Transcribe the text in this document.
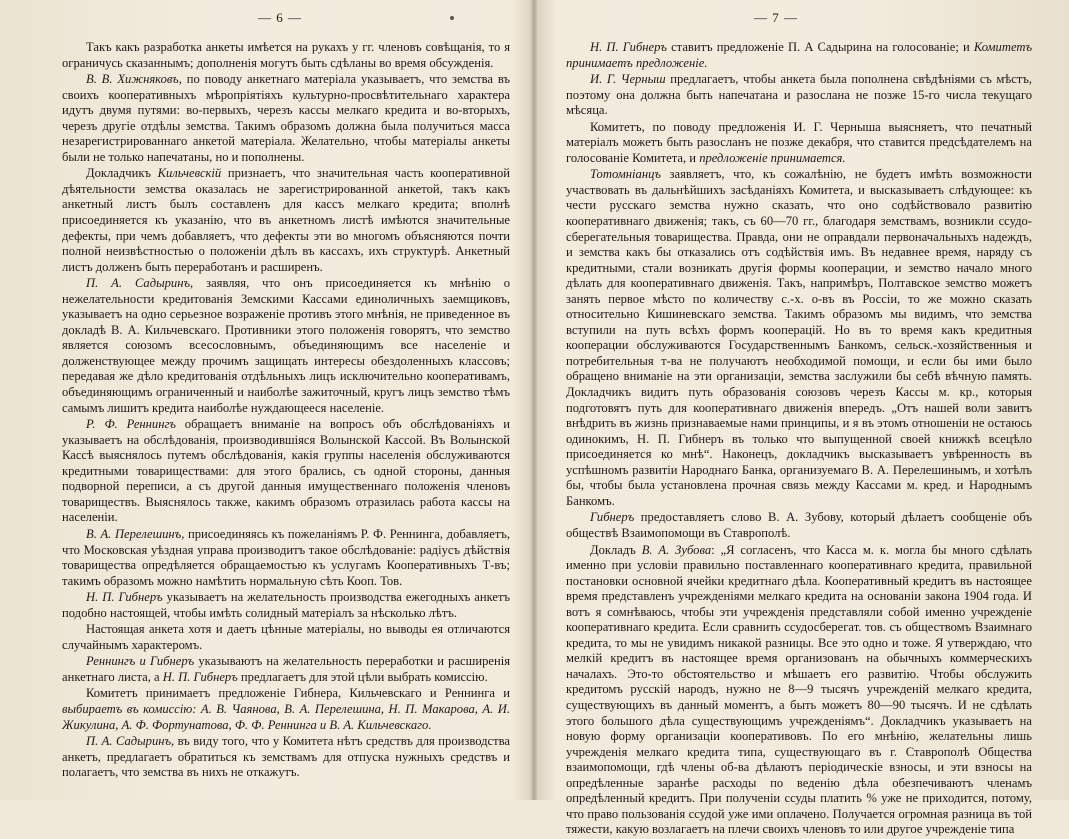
— 6 —

Такъ какъ разработка анкеты имѣется на рукахъ у гг. членовъ совѣщанія, то я ограничусь сказаннымъ; дополненія могутъ быть сдѣланы во время обсужденія.

В. В. Хижняковъ, по поводу анкетнаго матеріала указываетъ, что земства въ своихъ кооперативныхъ мѣропріятіяхъ культурно-просвѣтительнаго характера идутъ двумя путями: во-первыхъ, черезъ кассы мелкаго кредита и во-вторыхъ, черезъ другіе отдѣлы земства. Такимъ образомъ должна была получиться масса незарегистрированнаго анкетой матеріала. Желательно, чтобы матеріалы анкеты были не только напечатаны, но и пополнены.

Докладчикъ Кильчевскій признаетъ, что значительная часть кооперативной дѣятельности земства оказалась не зарегистрированной анкетой, такъ какъ анкетный листъ былъ составленъ для кассъ мелкаго кредита; вполнѣ присоединяется къ указанію, что въ анкетномъ листѣ имѣются значительные дефекты, при чемъ добавляетъ, что дефекты эти во многомъ объясняются почти полной неизвѣстностью о положеніи дѣлъ въ кассахъ, ихъ структурѣ. Анкетный листъ долженъ быть переработанъ и расширенъ.

П. А. Садыринъ, заявляя, что онъ присоединяется къ мнѣнію о нежелательности кредитованія Земскими Кассами единоличныхъ заемщиковъ, указываетъ на одно серьезное возраженіе противъ этого мнѣнія, не приведенное въ докладѣ В. А. Кильчевскаго. Противники этого положенія говорятъ, что земство является союзомъ всесословнымъ, объединяющимъ все населеніе и долженствующее между прочимъ защищать интересы обездоленныхъ классовъ; передавая же дѣло кредитованія отдѣльныхъ лицъ исключительно кооперативамъ, объединяющимъ ограниченный и наиболѣе зажиточный, кругъ лицъ земство тѣмъ самымъ лишитъ кредита наиболѣе нуждающееся населеніе.

Р. Ф. Реннингъ обращаетъ вниманіе на вопросъ объ обслѣдованіяхъ и указываетъ на обслѣдованія, производившіяся Волынской Кассой. Въ Волынской Кассѣ выяснялось путемъ обслѣдованія, какія группы населенія обслуживаются кредитными товариществами: для этого брались, съ одной стороны, данныя подворной переписи, а съ другой данныя имущественнаго положенія членовъ товариществъ. Выяснялось также, какимъ образомъ отразилась работа кассы на населеніи.

В. А. Перелешинъ, присоединяясь къ пожеланіямъ Р. Ф. Реннинга, добавляетъ, что Московская уѣздная управа производитъ такое обслѣдованіе: радіусъ дѣйствія товарищества опредѣляется обращаемостью къ услугамъ Кооперативныхъ Т-въ; такимъ образомъ можно намѣтить нормальную сѣть Кооп. Тов.

Н. П. Гибнеръ указываетъ на желательность производства ежегодныхъ анкетъ подобно настоящей, чтобы имѣть солидный матеріалъ за нѣсколько лѣтъ.

Настоящая анкета хотя и даетъ цѣнные матеріалы, но выводы ея отличаются случайнымъ характеромъ.

Реннингъ и Гибнеръ указываютъ на желательность переработки и расширенія анкетнаго листа, а Н. П. Гибнеръ предлагаетъ для этой цѣли выбрать комиссію.

Комитетъ принимаетъ предложеніе Гибнера, Кильчевскаго и Реннинга и выбираетъ въ комиссію: А. В. Чаянова, В. А. Перелешина, Н. П. Макарова, А. И. Жикулина, А. Ф. Фортунатова, Ф. Ф. Реннинга и В. А. Кильчевскаго.

П. А. Садыринъ, въ виду того, что у Комитета нѣтъ средствъ для производства анкетъ, предлагаетъ обратиться къ земствамъ для отпуска нужныхъ средствъ и полагаетъ, что земства въ нихъ не откажутъ.

— 7 —

Н. П. Гибнеръ ставитъ предложеніе П. А Садырина на голосованіе; и Комитетъ принимаетъ предложеніе.

И. Г. Черныш предлагаетъ, чтобы анкета была пополнена свѣдѣніями съ мѣстъ, поэтому она должна быть напечатана и разослана не позже 15-го числа текущаго мѣсяца.

Комитетъ, по поводу предложенія И. Г. Черныша выясняетъ, что печатный матеріалъ можетъ быть разосланъ не позже декабря, что ставится предсѣдателемъ на голосованіе Комитета, и предложеніе принимается.

Тотомніанцъ заявляетъ, что, къ сожалѣнію, не будетъ имѣть возможности участвовать въ дальнѣйшихъ засѣданіяхъ Комитета, и высказываетъ слѣдующее: къ чести русскаго земства нужно сказать, что оно содѣйствовало развитію кооперативнаго движенія; такъ, съ 60—70 гг., благодаря земствамъ, возникли ссудо-сберегательныя товарищества. Правда, они не оправдали первоначальныхъ надеждъ, и земства какъ бы отказались отъ содѣйствія имъ. Въ недавнее время, наряду съ кредитными, стали возникать другія формы кооперации, и земство начало много дѣлать для кооперативнаго движенія. Такъ, напримѣръ, Полтавское земство можетъ занять первое мѣсто по количеству с.-х. о-въ въ Россіи, то же можно сказать относительно Кишиневскаго земства. Такимъ образомъ мы видимъ, что земства вступили на путь всѣхъ формъ кооперацій. Но въ то время какъ кредитныя кооперации обслуживаются Государственнымъ Банкомъ, сельск.-хозяйственныя и потребительныя т-ва не получаютъ необходимой помощи, и если бы ими было обращено вниманіе на эти организаціи, земства заслужили бы себѣ вѣчную память. Докладчикъ видитъ путь образованія союзовъ черезъ Кассы м. кр., которыя подготовятъ путь для кооперативнаго движенія впередъ. „Отъ нашей воли завитъ внѣдрить въ жизнь признаваемые нами принципы, и я въ этомъ отношеніи не остаюсь одинокимъ, Н. П. Гибнеръ въ только что выпущенной своей книжкѣ всецѣло присоединяется ко мнѣ“. Наконецъ, докладчикъ высказываетъ увѣренность въ успѣшномъ развитіи Народнаго Банка, организуемаго В. А. Перелешинымъ, и хотѣлъ бы, чтобы была установлена прочная связь между Кассами м. кред. и Народнымъ Банкомъ.

Гибнеръ предоставляетъ слово В. А. Зубову, который дѣлаетъ сообщеніе объ обществѣ Взаимопомощи въ Ставрополѣ.

Докладъ В. А. Зубова: „Я согласенъ, что Касса м. к. могла бы много сдѣлать именно при условіи правильно поставленнаго кооперативнаго кредита, правильной постановки основной ячейки кредитнаго дѣла. Кооперативный кредитъ въ настоящее время представленъ учрежденіями мелкаго кредита на основаніи закона 1904 года. И вотъ я сомнѣваюсь, чтобы эти учрежденія представляли собой именно учрежденіе кооперативнаго кредита. Если сравнить ссудосберегат. тов. съ обществомъ Взаимнаго кредита, то мы не увидимъ никакой разницы. Все это одно и тоже. Я утверждаю, что мелкій кредитъ въ настоящее время организованъ на обычныхъ коммерческихъ началахъ. Это-то обстоятельство и мѣшаетъ его развитію. Чтобы обслужить кредитомъ русскій народъ, нужно не 8—9 тысячъ учрежденій мелкаго кредита, существующихъ въ данный моментъ, а быть можетъ 80—90 тысячъ. И не сдѣлать этого большого дѣла существующимъ учрежденіямъ“. Докладчикъ указываетъ на новую форму организаціи кооперативовъ. По его мнѣнію, желательны лишь учрежденія мелкаго кредита типа, существующаго въ г. Ставрополѣ Общества взаимопомощи, гдѣ члены об-ва дѣлаютъ періодическіе взносы, и эти взносы на опредѣленные заранѣе расходы по веденію дѣла обезпечиваютъ членамъ опредѣленный кредитъ. При полученіи ссуды платить % уже не приходится, потому, что право пользованія ссудой уже ими оплачено. Получается огромная разница въ той тяжести, какую возлагаетъ на плечи своихъ членовъ то или другое учрежденіе типа
